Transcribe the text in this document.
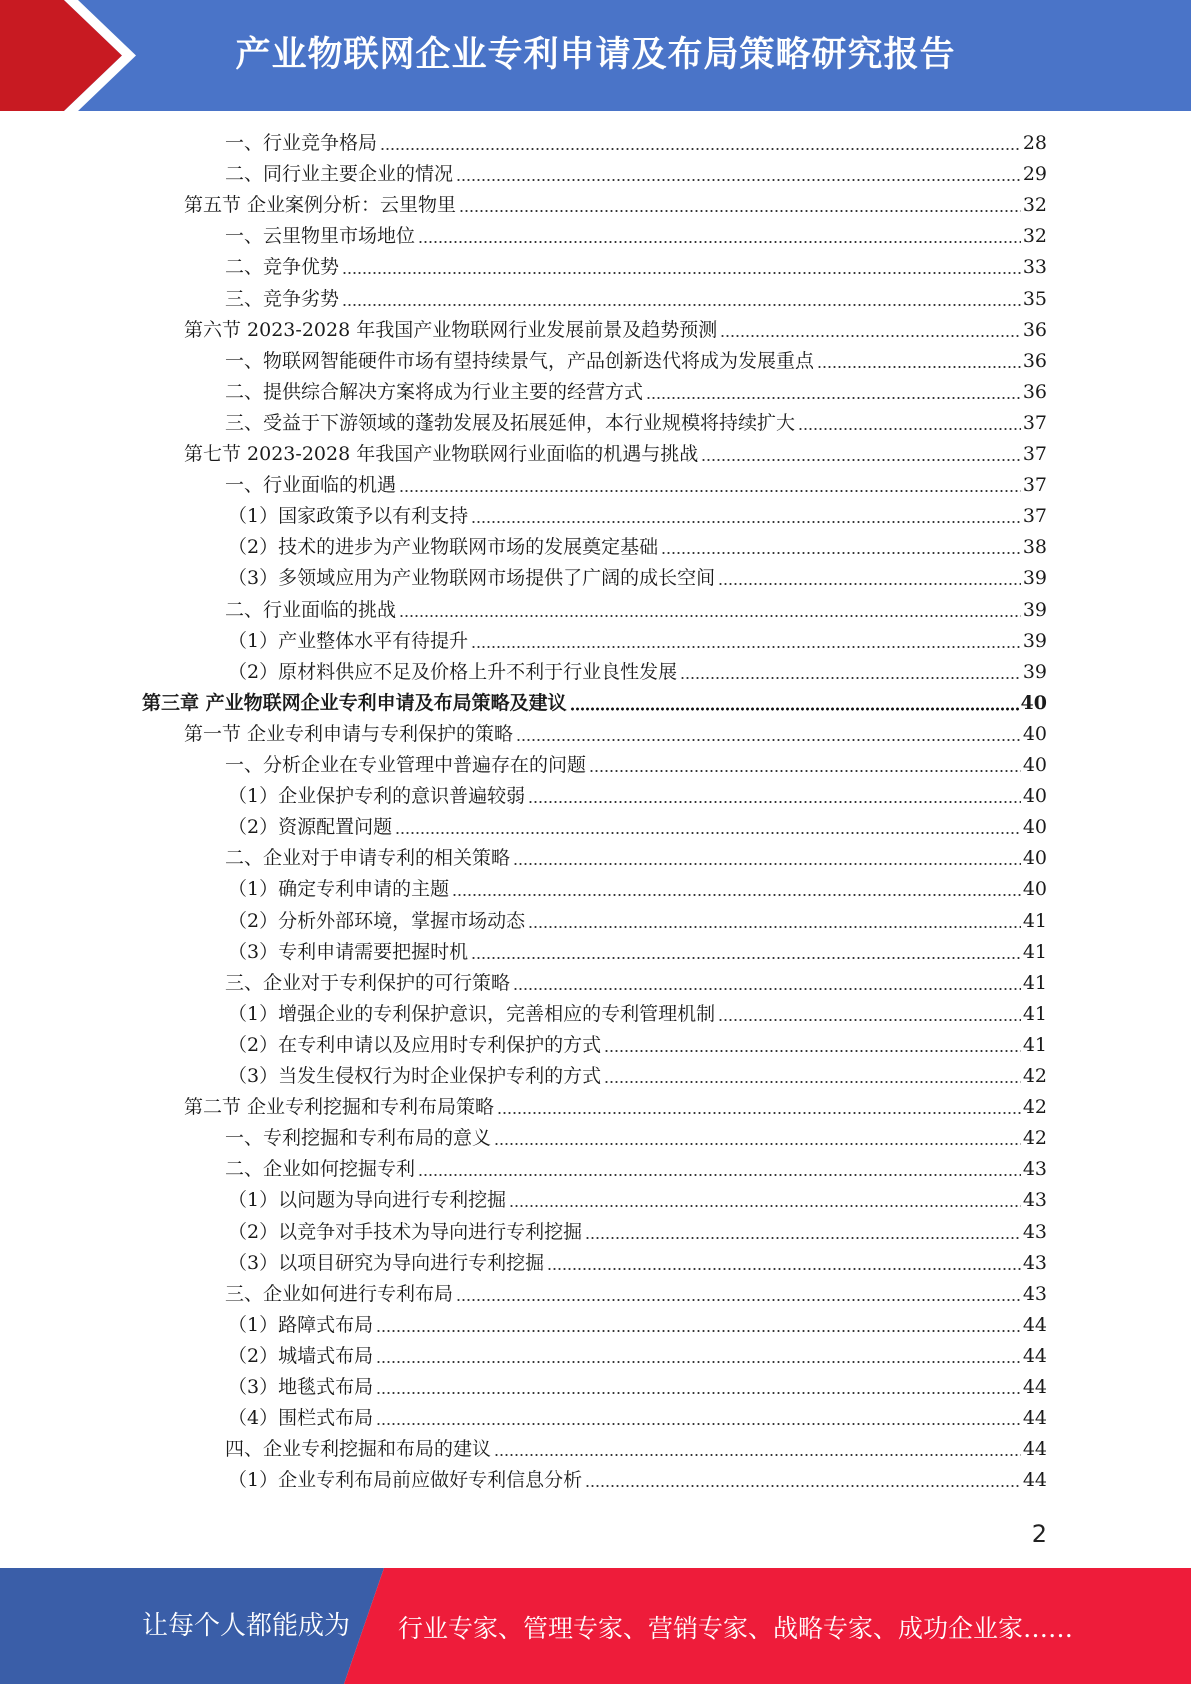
产业物联网企业专利申请及布局策略研究报告
一、行业竞争格局	28
二、同行业主要企业的情况	29
第五节 企业案例分析：云里物里	32
一、云里物里市场地位	32
二、竞争优势	33
三、竞争劣势	35
第六节 2023-2028 年我国产业物联网行业发展前景及趋势预测	36
一、物联网智能硬件市场有望持续景气，产品创新迭代将成为发展重点	36
二、提供综合解决方案将成为行业主要的经营方式	36
三、受益于下游领域的蓬勃发展及拓展延伸，本行业规模将持续扩大	37
第七节 2023-2028 年我国产业物联网行业面临的机遇与挑战	37
一、行业面临的机遇	37
（1）国家政策予以有利支持	37
（2）技术的进步为产业物联网市场的发展奠定基础	38
（3）多领域应用为产业物联网市场提供了广阔的成长空间	39
二、行业面临的挑战	39
（1）产业整体水平有待提升	39
（2）原材料供应不足及价格上升不利于行业良性发展	39
第三章 产业物联网企业专利申请及布局策略及建议	40
第一节 企业专利申请与专利保护的策略	40
一、分析企业在专业管理中普遍存在的问题	40
（1）企业保护专利的意识普遍较弱	40
（2）资源配置问题	40
二、企业对于申请专利的相关策略	40
（1）确定专利申请的主题	40
（2）分析外部环境，掌握市场动态	41
（3）专利申请需要把握时机	41
三、企业对于专利保护的可行策略	41
（1）增强企业的专利保护意识，完善相应的专利管理机制	41
（2）在专利申请以及应用时专利保护的方式	41
（3）当发生侵权行为时企业保护专利的方式	42
第二节 企业专利挖掘和专利布局策略	42
一、专利挖掘和专利布局的意义	42
二、企业如何挖掘专利	43
（1）以问题为导向进行专利挖掘	43
（2）以竞争对手技术为导向进行专利挖掘	43
（3）以项目研究为导向进行专利挖掘	43
三、企业如何进行专利布局	43
（1）路障式布局	44
（2）城墙式布局	44
（3）地毯式布局	44
（4）围栏式布局	44
四、企业专利挖掘和布局的建议	44
（1）企业专利布局前应做好专利信息分析	44
2
让每个人都能成为 行业专家、管理专家、营销专家、战略专家、成功企业家……
